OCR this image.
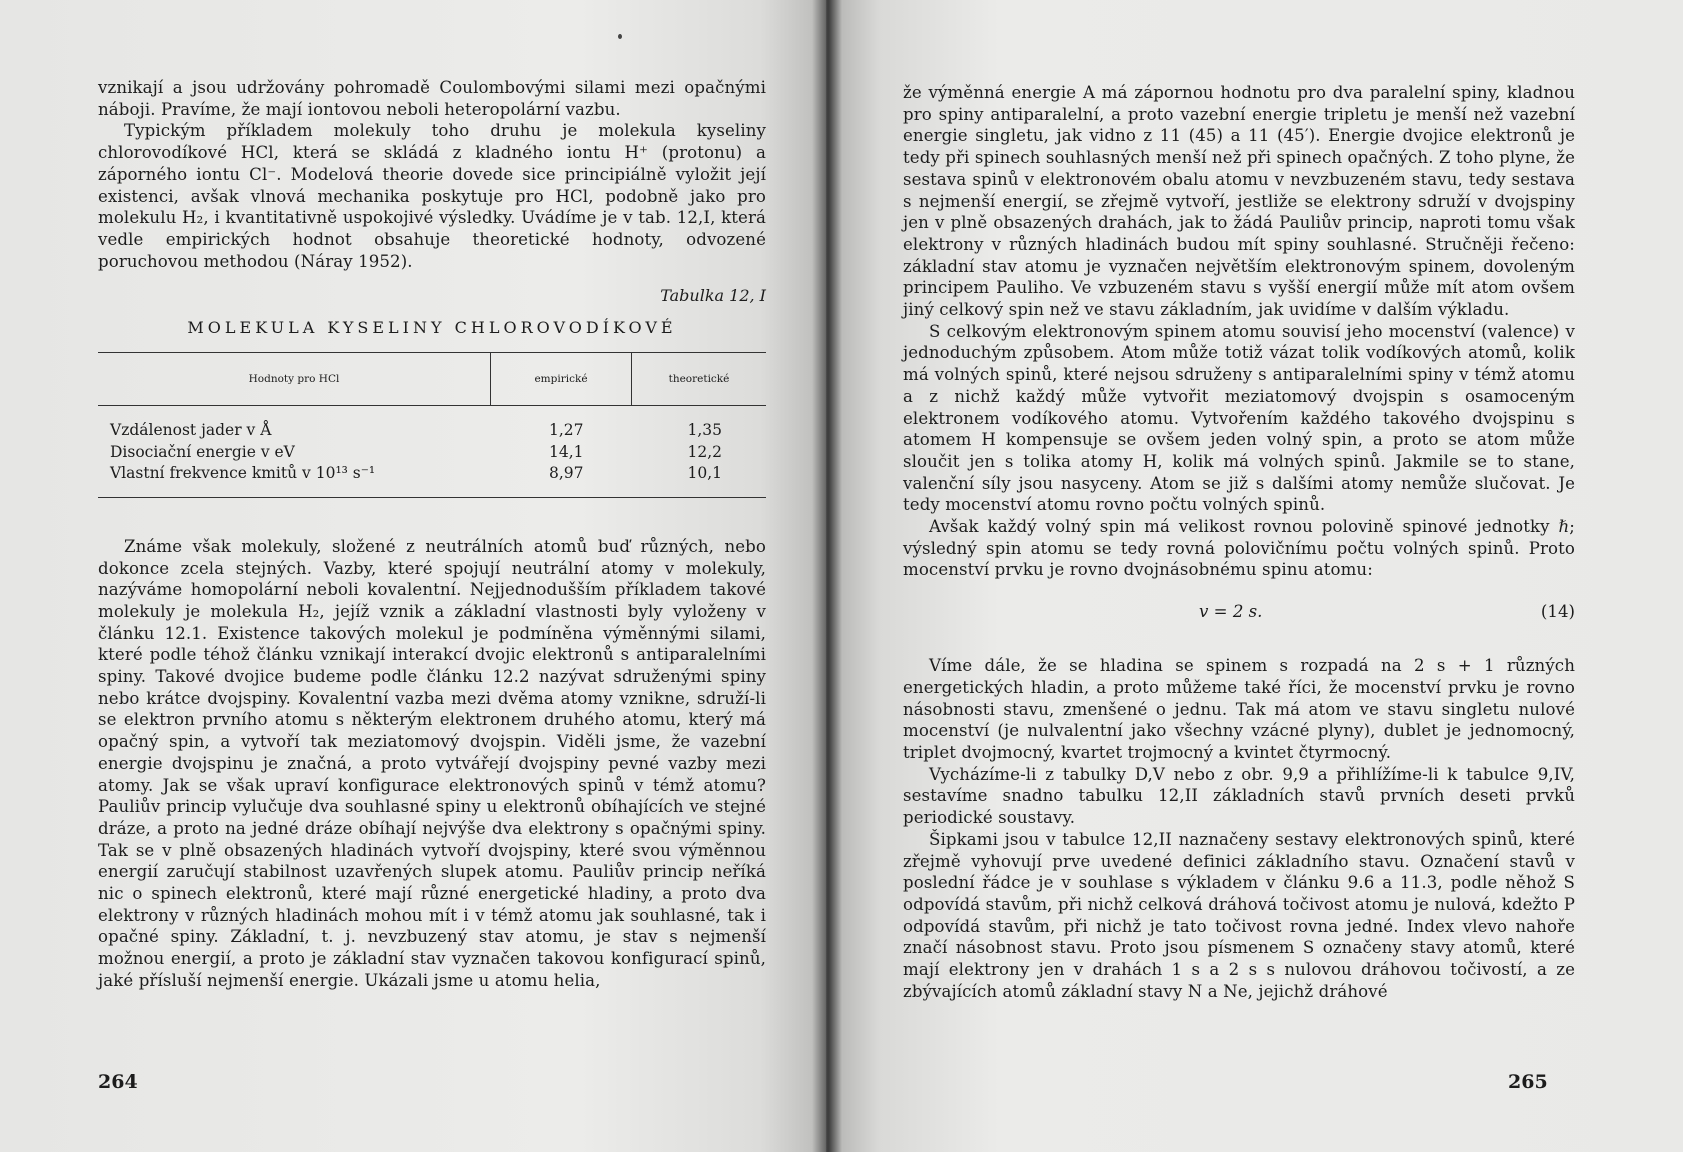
vznikají a jsou udržovány pohromadě Coulombovými silami mezi opačnými náboji. Pravíme, že mají iontovou neboli heteropolární vazbu.

Typickým příkladem molekuly toho druhu je molekula kyseliny chlorovodíkové HCl, která se skládá z kladného iontu H⁺ (protonu) a záporného iontu Cl⁻. Modelová theorie dovede sice principiálně vyložit její existenci, avšak vlnová mechanika poskytuje pro HCl, podobně jako pro molekulu H₂, i kvantitativně uspokojivé výsledky. Uvádíme je v tab. 12,I, která vedle empirických hodnot obsahuje theoretické hodnoty, odvozené poruchovou methodou (Náray 1952).

Tabulka 12, I
MOLEKULA KYSELINY CHLOROVODÍKOVÉ
Hodnoty pro HCl	empirické	theoretické
Vzdálenost jader v Å	1,27	1,35
Disociační energie v eV	14,1	12,2
Vlastní frekvence kmitů v 10¹³ s⁻¹	8,97	10,1

Známe však molekuly, složené z neutrálních atomů buď různých, nebo dokonce zcela stejných. Vazby, které spojují neutrální atomy v molekuly, nazýváme homopolární neboli kovalentní. Nejjednodušším příkladem takové molekuly je molekula H₂, jejíž vznik a základní vlastnosti byly vyloženy v článku 12.1. Existence takových molekul je podmíněna výměnnými silami, které podle téhož článku vznikají interakcí dvojic elektronů s antiparalelními spiny. Takové dvojice budeme podle článku 12.2 nazývat sdruženými spiny nebo krátce dvojspiny. Kovalentní vazba mezi dvěma atomy vznikne, sdruží-li se elektron prvního atomu s některým elektronem druhého atomu, který má opačný spin, a vytvoří tak meziatomový dvojspin. Viděli jsme, že vazební energie dvojspinu je značná, a proto vytvářejí dvojspiny pevné vazby mezi atomy. Jak se však upraví konfigurace elektronových spinů v témž atomu? Pauliův princip vylučuje dva souhlasné spiny u elektronů obíhajících ve stejné dráze, a proto na jedné dráze obíhají nejvýše dva elektrony s opačnými spiny. Tak se v plně obsazených hladinách vytvoří dvojspiny, které svou výměnnou energií zaručují stabilnost uzavřených slupek atomu. Pauliův princip neříká nic o spinech elektronů, které mají různé energetické hladiny, a proto dva elektrony v různých hladinách mohou mít i v témž atomu jak souhlasné, tak i opačné spiny. Základní, t. j. nevzbuzený stav atomu, je stav s nejmenší možnou energií, a proto je základní stav vyznačen takovou konfigurací spinů, jaké přísluší nejmenší energie. Ukázali jsme u atomu helia,

264

že výměnná energie A má zápornou hodnotu pro dva paralelní spiny, kladnou pro spiny antiparalelní, a proto vazební energie tripletu je menší než vazební energie singletu, jak vidno z 11 (45) a 11 (45′). Energie dvojice elektronů je tedy při spinech souhlasných menší než při spinech opačných. Z toho plyne, že sestava spinů v elektronovém obalu atomu v nevzbuzeném stavu, tedy sestava s nejmenší energií, se zřejmě vytvoří, jestliže se elektrony sdruží v dvojspiny jen v plně obsazených drahách, jak to žádá Pauliův princip, naproti tomu však elektrony v různých hladinách budou mít spiny souhlasné. Stručněji řečeno: základní stav atomu je vyznačen největším elektronovým spinem, dovoleným principem Pauliho. Ve vzbuzeném stavu s vyšší energií může mít atom ovšem jiný celkový spin než ve stavu základním, jak uvidíme v dalším výkladu.

S celkovým elektronovým spinem atomu souvisí jeho mocenství (valence) v jednoduchým způsobem. Atom může totiž vázat tolik vodíkových atomů, kolik má volných spinů, které nejsou sdruženy s antiparalelními spiny v témž atomu a z nichž každý může vytvořit meziatomový dvojspin s osamoceným elektronem vodíkového atomu. Vytvořením každého takového dvojspinu s atomem H kompensuje se ovšem jeden volný spin, a proto se atom může sloučit jen s tolika atomy H, kolik má volných spinů. Jakmile se to stane, valenční síly jsou nasyceny. Atom se již s dalšími atomy nemůže slučovat. Je tedy mocenství atomu rovno počtu volných spinů.

Avšak každý volný spin má velikost rovnou polovině spinové jednotky ℏ; výsledný spin atomu se tedy rovná polovičnímu počtu volných spinů. Proto mocenství prvku je rovno dvojnásobnému spinu atomu:

v = 2 s.	(14)

Víme dále, že se hladina se spinem s rozpadá na 2 s + 1 různých energetických hladin, a proto můžeme také říci, že mocenství prvku je rovno násobnosti stavu, zmenšené o jednu. Tak má atom ve stavu singletu nulové mocenství (je nulvalentní jako všechny vzácné plyny), dublet je jednomocný, triplet dvojmocný, kvartet trojmocný a kvintet čtyrmocný.

Vycházíme-li z tabulky D,V nebo z obr. 9,9 a přihlížíme-li k tabulce 9,IV, sestavíme snadno tabulku 12,II základních stavů prvních deseti prvků periodické soustavy.

Šipkami jsou v tabulce 12,II naznačeny sestavy elektronových spinů, které zřejmě vyhovují prve uvedené definici základního stavu. Označení stavů v poslední řádce je v souhlase s výkladem v článku 9.6 a 11.3, podle něhož S odpovídá stavům, při nichž celková dráhová točivost atomu je nulová, kdežto P odpovídá stavům, při nichž je tato točivost rovna jedné. Index vlevo nahoře značí násobnost stavu. Proto jsou písmenem S označeny stavy atomů, které mají elektrony jen v drahách 1 s a 2 s s nulovou dráhovou točivostí, a ze zbývajících atomů základní stavy N a Ne, jejichž dráhové

265
